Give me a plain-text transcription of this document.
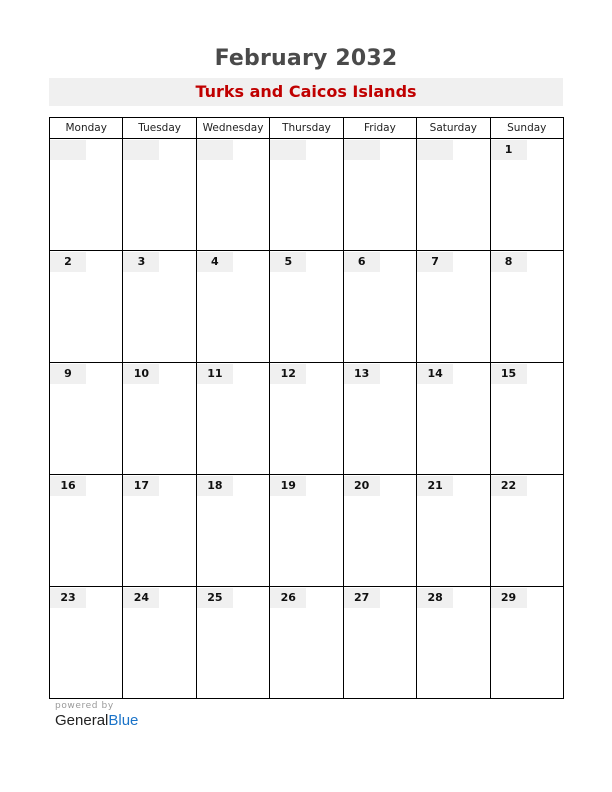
February 2032
Turks and Caicos Islands
Monday	Tuesday	Wednesday	Thursday	Friday	Saturday	Sunday

						1

2	3	4	5	6	7	8

9	10	11	12	13	14	15

16	17	18	19	20	21	22

23	24	25	26	27	28	29
powered by
GeneralBlue
